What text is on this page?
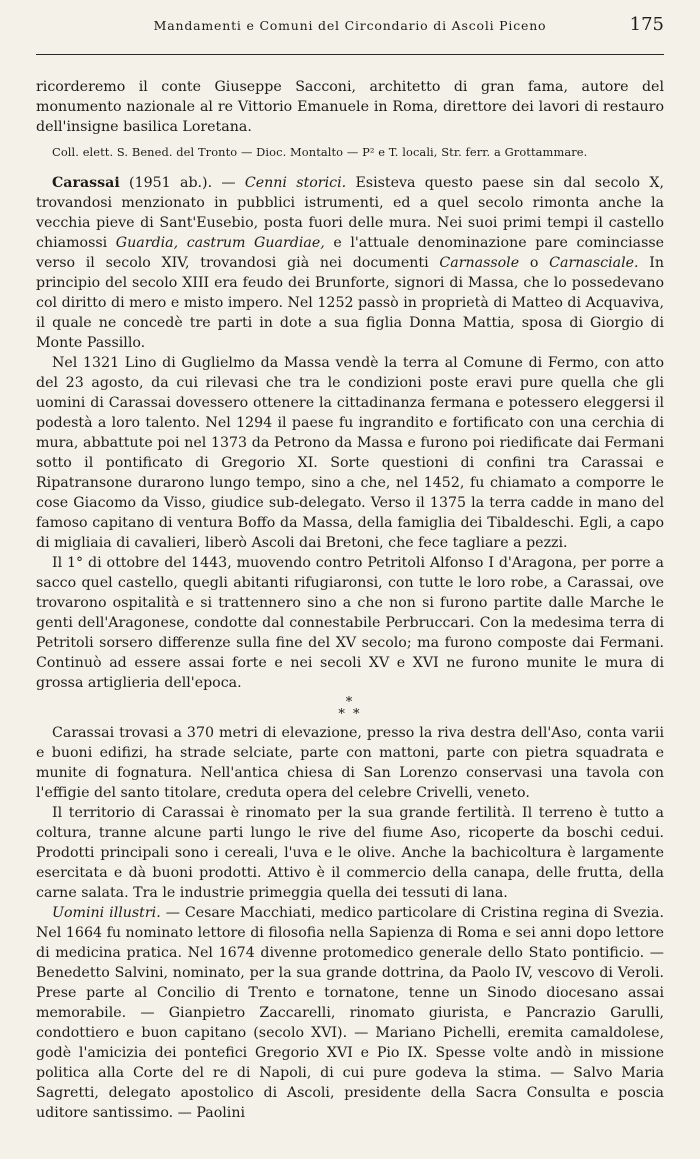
Mandamenti e Comuni del Circondario di Ascoli Piceno	175

ricorderemo il conte Giuseppe Sacconi, architetto di gran fama, autore del monumento nazionale al re Vittorio Emanuele in Roma, direttore dei lavori di restauro dell'insigne basilica Loretana.

Coll. elett. S. Bened. del Tronto — Dioc. Montalto — P² e T. locali, Str. ferr. a Grottammare.

Carassai (1951 ab.). — Cenni storici. Esisteva questo paese sin dal secolo X, trovandosi menzionato in pubblici istrumenti, ed a quel secolo rimonta anche la vecchia pieve di Sant'Eusebio, posta fuori delle mura. Nei suoi primi tempi il castello chiamossi Guardia, castrum Guardiae, e l'attuale denominazione pare cominciasse verso il secolo XIV, trovandosi già nei documenti Carnassole o Carnasciale. In principio del secolo XIII era feudo dei Brunforte, signori di Massa, che lo possedevano col diritto di mero e misto impero. Nel 1252 passò in proprietà di Matteo di Acquaviva, il quale ne concedè tre parti in dote a sua figlia Donna Mattia, sposa di Giorgio di Monte Passillo.

Nel 1321 Lino di Guglielmo da Massa vendè la terra al Comune di Fermo, con atto del 23 agosto, da cui rilevasi che tra le condizioni poste eravi pure quella che gli uomini di Carassai dovessero ottenere la cittadinanza fermana e potessero eleggersi il podestà a loro talento. Nel 1294 il paese fu ingrandito e fortificato con una cerchia di mura, abbattute poi nel 1373 da Petrono da Massa e furono poi riedificate dai Fermani sotto il pontificato di Gregorio XI. Sorte questioni di confini tra Carassai e Ripatransone durarono lungo tempo, sino a che, nel 1452, fu chiamato a comporre le cose Giacomo da Visso, giudice sub-delegato. Verso il 1375 la terra cadde in mano del famoso capitano di ventura Boffo da Massa, della famiglia dei Tibaldeschi. Egli, a capo di migliaia di cavalieri, liberò Ascoli dai Bretoni, che fece tagliare a pezzi.

Il 1° di ottobre del 1443, muovendo contro Petritoli Alfonso I d'Aragona, per porre a sacco quel castello, quegli abitanti rifugiaronsi, con tutte le loro robe, a Carassai, ove trovarono ospitalità e si trattennero sino a che non si furono partite dalle Marche le genti dell'Aragonese, condotte dal connestabile Perbruccari. Con la medesima terra di Petritoli sorsero differenze sulla fine del XV secolo; ma furono composte dai Fermani. Continuò ad essere assai forte e nei secoli XV e XVI ne furono munite le mura di grossa artiglieria dell'epoca.

*
* *

Carassai trovasi a 370 metri di elevazione, presso la riva destra dell'Aso, conta varii e buoni edifizi, ha strade selciate, parte con mattoni, parte con pietra squadrata e munite di fognatura. Nell'antica chiesa di San Lorenzo conservasi una tavola con l'effigie del santo titolare, creduta opera del celebre Crivelli, veneto.

Il territorio di Carassai è rinomato per la sua grande fertilità. Il terreno è tutto a coltura, tranne alcune parti lungo le rive del fiume Aso, ricoperte da boschi cedui. Prodotti principali sono i cereali, l'uva e le olive. Anche la bachicoltura è largamente esercitata e dà buoni prodotti. Attivo è il commercio della canapa, delle frutta, della carne salata. Tra le industrie primeggia quella dei tessuti di lana.

Uomini illustri. — Cesare Macchiati, medico particolare di Cristina regina di Svezia. Nel 1664 fu nominato lettore di filosofia nella Sapienza di Roma e sei anni dopo lettore di medicina pratica. Nel 1674 divenne protomedico generale dello Stato pontificio. — Benedetto Salvini, nominato, per la sua grande dottrina, da Paolo IV, vescovo di Veroli. Prese parte al Concilio di Trento e tornatone, tenne un Sinodo diocesano assai memorabile. — Gianpietro Zaccarelli, rinomato giurista, e Pancrazio Garulli, condottiero e buon capitano (secolo XVI). — Mariano Pichelli, eremita camaldolese, godè l'amicizia dei pontefici Gregorio XVI e Pio IX. Spesse volte andò in missione politica alla Corte del re di Napoli, di cui pure godeva la stima. — Salvo Maria Sagretti, delegato apostolico di Ascoli, presidente della Sacra Consulta e poscia uditore santissimo. — Paolini
